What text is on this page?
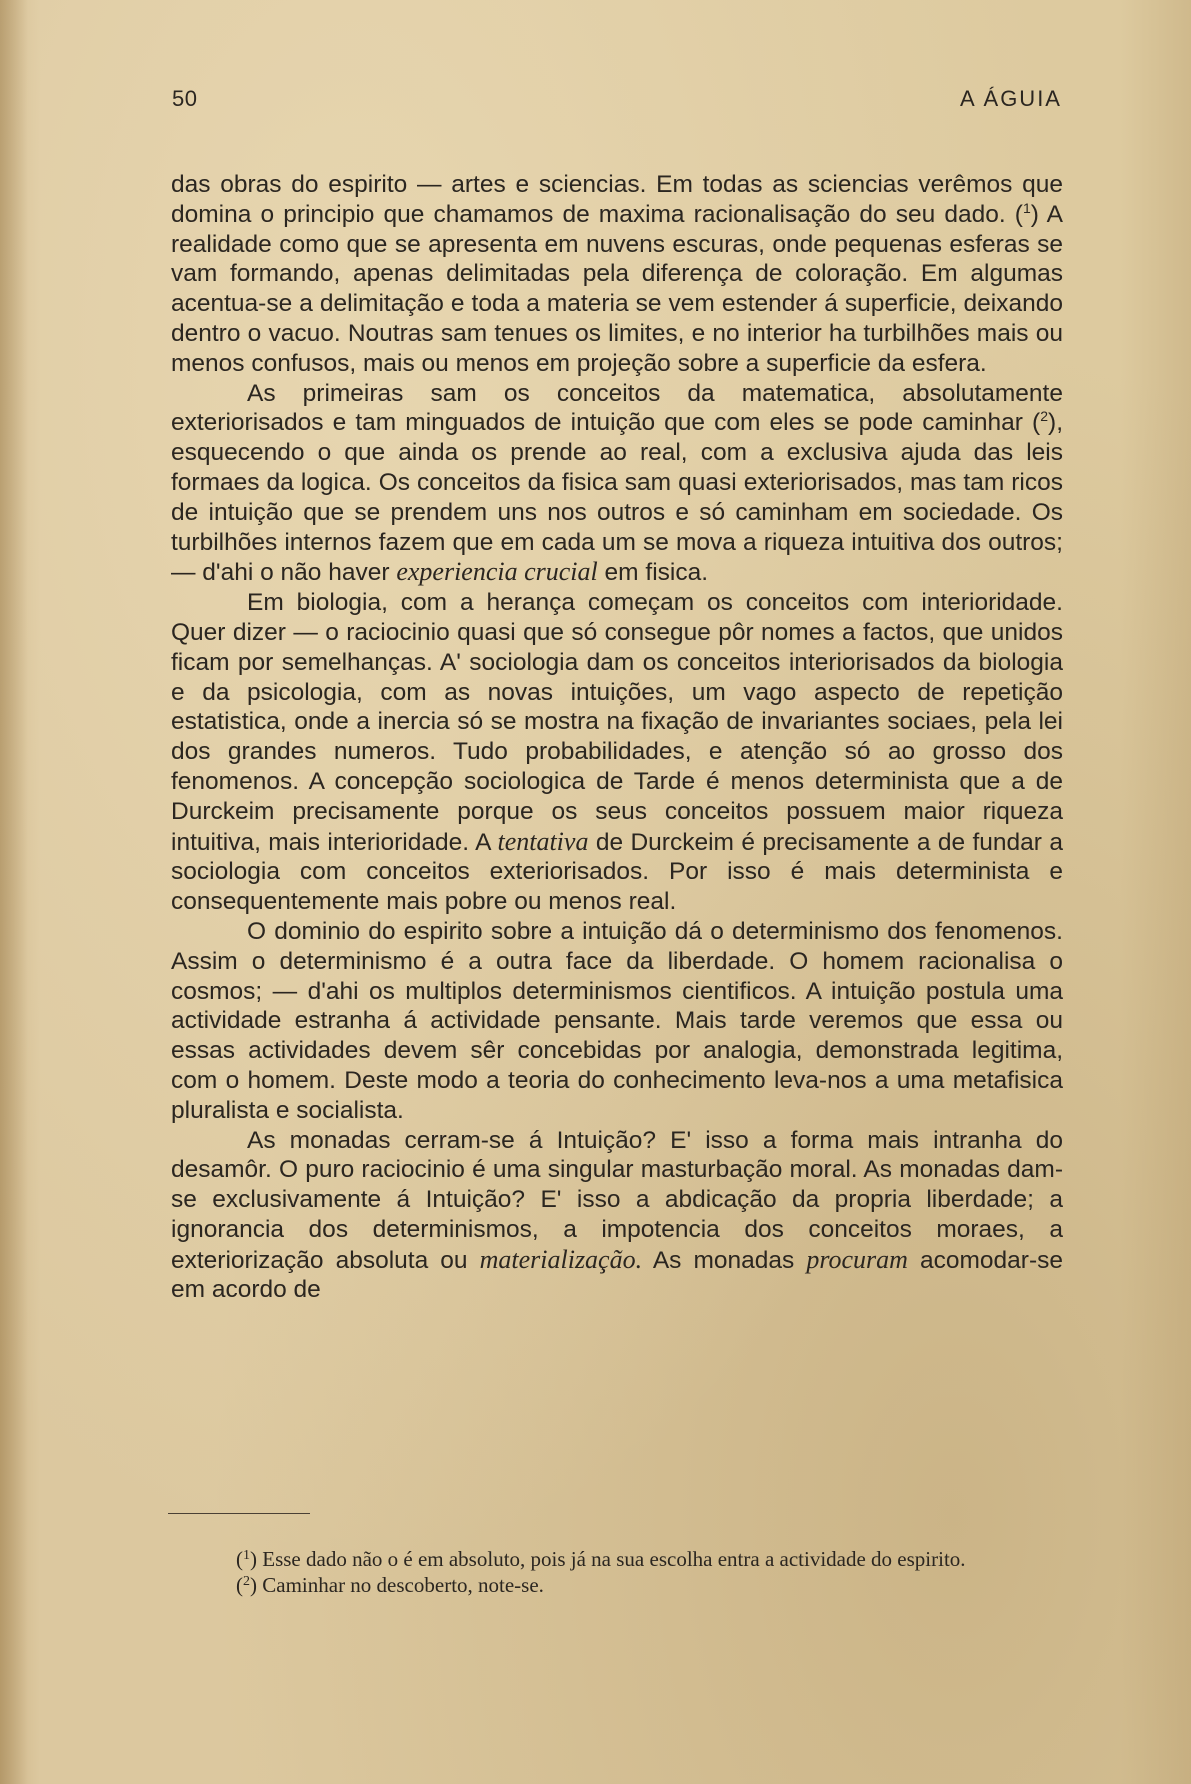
50	A ÁGUIA

das obras do espirito — artes e sciencias. Em todas as sciencias verêmos que domina o principio que chamamos de maxima racionalisação do seu dado. ($^1$) A realidade como que se apresenta em nuvens escuras, onde pequenas esferas se vam formando, apenas delimitadas pela diferença de coloração. Em algumas acentua-se a delimitação e toda a materia se vem estender á superficie, deixando dentro o vacuo. Noutras sam tenues os limites, e no interior ha turbilhões mais ou menos confusos, mais ou menos em projeção sobre a superficie da esfera.

As primeiras sam os conceitos da matematica, absolutamente exteriorisados e tam minguados de intuição que com eles se pode caminhar ($^2$), esquecendo o que ainda os prende ao real, com a exclusiva ajuda das leis formaes da logica. Os conceitos da fisica sam quasi exteriorisados, mas tam ricos de intuição que se prendem uns nos outros e só caminham em sociedade. Os turbilhões internos fazem que em cada um se mova a riqueza intuitiva dos outros; — d'ahi o não haver experiencia crucial em fisica.

Em biologia, com a herança começam os conceitos com interioridade. Quer dizer — o raciocinio quasi que só consegue pôr nomes a factos, que unidos ficam por semelhanças. A' sociologia dam os conceitos interiorisados da biologia e da psicologia, com as novas intuições, um vago aspecto de repetição estatistica, onde a inercia só se mostra na fixação de invariantes sociaes, pela lei dos grandes numeros. Tudo probabilidades, e atenção só ao grosso dos fenomenos. A concepção sociologica de Tarde é menos determinista que a de Durckeim precisamente porque os seus conceitos possuem maior riqueza intuitiva, mais interioridade. A tentativa de Durckeim é precisamente a de fundar a sociologia com conceitos exteriorisados. Por isso é mais determinista e consequentemente mais pobre ou menos real.

O dominio do espirito sobre a intuição dá o determinismo dos fenomenos. Assim o determinismo é a outra face da liberdade. O homem racionalisa o cosmos; — d'ahi os multiplos determinismos cientificos. A intuição postula uma actividade estranha á actividade pensante. Mais tarde veremos que essa ou essas actividades devem sêr concebidas por analogia, demonstrada legitima, com o homem. Deste modo a teoria do conhecimento leva-nos a uma metafisica pluralista e socialista.

As monadas cerram-se á Intuição? E' isso a forma mais intranha do desamôr. O puro raciocinio é uma singular masturbação moral. As monadas dam-se exclusivamente á Intuição? E' isso a abdicação da propria liberdade; a ignorancia dos determinismos, a impotencia dos conceitos moraes, a exteriorização absoluta ou materialização. As monadas procuram acomodar-se em acordo de

($^1$) Esse dado não o é em absoluto, pois já na sua escolha entra a actividade do espirito.

($^2$) Caminhar no descoberto, note-se.
